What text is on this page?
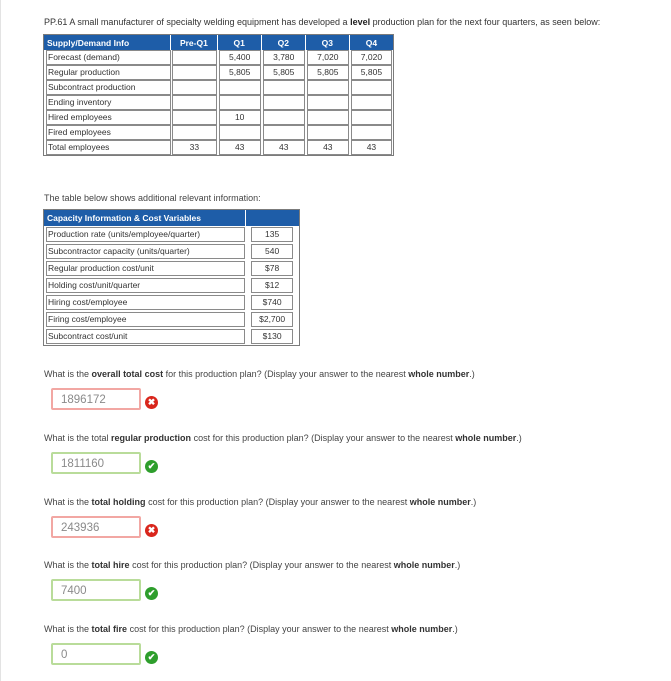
PP.61 A small manufacturer of specialty welding equipment has developed a level production plan for the next four quarters, as seen below:
Supply/Demand Info	Pre-Q1	Q1	Q2	Q3	Q4

Forecast (demand)		5,400	3,780	7,020	7,020

Regular production		5,805	5,805	5,805	5,805

Subcontract production					

Ending inventory					

Hired employees		10			

Fired employees					

Total employees	33	43	43	43	43
The table below shows additional relevant information:
Capacity Information & Cost Variables	

Production rate (units/employee/quarter)	135

Subcontractor capacity (units/quarter)	540

Regular production cost/unit	$78

Holding cost/unit/quarter	$12

Hiring cost/employee	$740

Firing cost/employee	$2,700

Subcontract cost/unit	$130
What is the overall total cost for this production plan? (Display your answer to the nearest whole number.)
1896172	✖
What is the total regular production cost for this production plan? (Display your answer to the nearest whole number.)
1811160	✔
What is the total holding cost for this production plan? (Display your answer to the nearest whole number.)
243936	✖
What is the total hire cost for this production plan? (Display your answer to the nearest whole number.)
7400	✔
What is the total fire cost for this production plan? (Display your answer to the nearest whole number.)
0	✔
